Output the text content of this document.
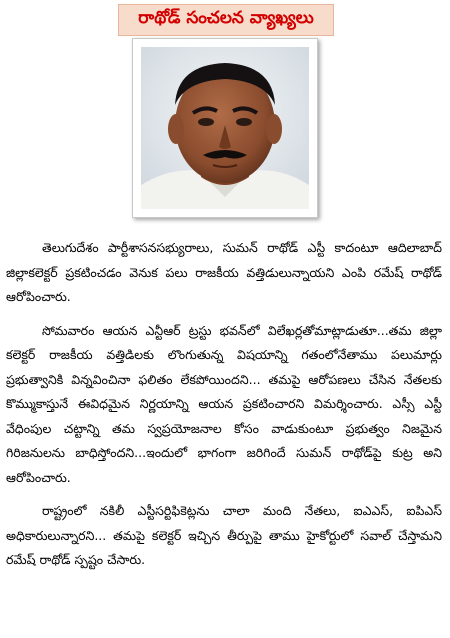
రాథోడ్ సంచలన వ్యాఖ్యలు

తెలుగుదేశం పార్టీశాసనసభ్యురాలు, సుమన్ రాథోడ్ ఎస్టీ కాదంటూ ఆదిలాబాద్ జిల్లాకలెక్టర్ ప్రకటించడం వెనుక పలు రాజకీయ వత్తిడులున్నాయని ఎంపి రమేష్ రాథోడ్ ఆరోపించారు.

సోమవారం ఆయన ఎన్టీఆర్ ట్రస్టు భవన్‌లో విలేఖర్లతోమాట్లాడుతూ...తమ జిల్లా కలెక్టర్ రాజకీయ వత్తిడిలకు లొంగుతున్న విషయాన్ని గతంలోనేతాము పలుమార్లు ప్రభుత్వానికి విన్నవించినా ఫలితం లేకపోయిందని... తమపై ఆరోపణలు చేసిన నేతలకు కొమ్ముకాస్తునే ఈవిధమైన నిర్ణయాన్ని ఆయన ప్రకటించారని విమర్శించారు. ఎస్సీ ఎస్టీ వేధింపుల చట్టాన్ని తమ స్వప్రయోజనాల కోసం వాడుకుంటూ ప్రభుత్వం నిజమైన గిరిజనులను బాధిస్తోందని...ఇందులో భాగంగా జరిగిందే సుమన్ రాథోడ్‌పై కుట్ర అని ఆరోపించారు.

రాష్ట్రంలో నకిలీ ఎస్టీసర్టిఫికెట్లను చాలా మంది నేతలు, ఐఎఎస్, ఐపిఎస్ అధికారులున్నారని... తమపై కలెక్టర్ ఇచ్చిన తీర్పుపై తాము హైకోర్టులో సవాల్ చేస్తామని రమేష్ రాథోడ్ స్పష్టం చేసారు.
